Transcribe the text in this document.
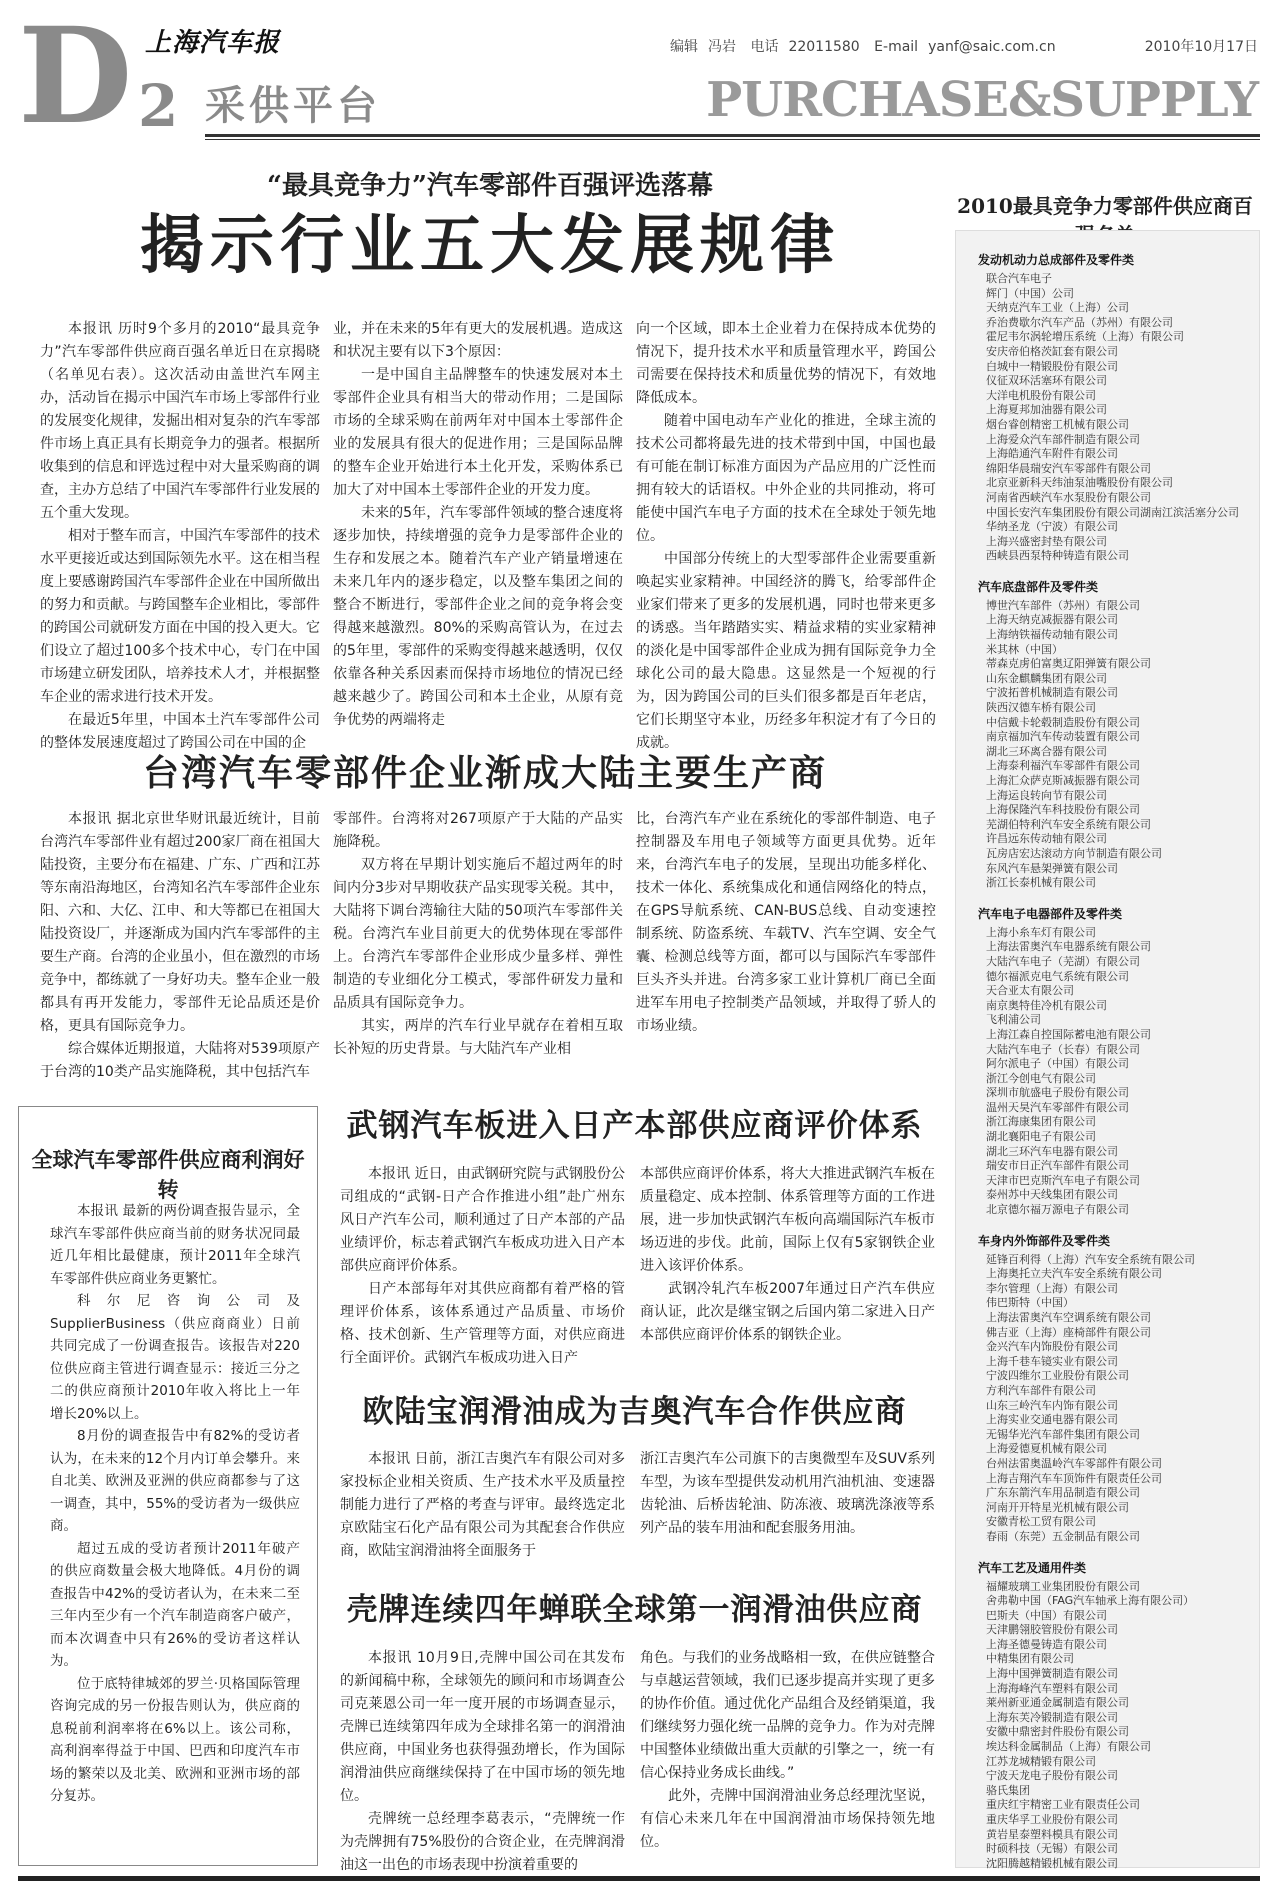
上海汽车报	编辑 冯岩 电话 22011580 E-mail yanf@saic.com.cn	2010年10月17日
D 2 采供平台	PURCHASE&SUPPLY
“最具竞争力”汽车零部件百强评选落幕
揭示行业五大发展规律

本报讯 历时9个多月的2010“最具竞争力”汽车零部件供应商百强名单近日在京揭晓（名单见右表）。这次活动由盖世汽车网主办，活动旨在揭示中国汽车市场上零部件行业的发展变化规律，发掘出相对复杂的汽车零部件市场上真正具有长期竞争力的强者。根据所收集到的信息和评选过程中对大量采购商的调查，主办方总结了中国汽车零部件行业发展的五个重大发现。

相对于整车而言，中国汽车零部件的技术水平更接近或达到国际领先水平。这在相当程度上要感谢跨国汽车零部件企业在中国所做出的努力和贡献。与跨国整车企业相比，零部件的跨国公司就研发方面在中国的投入更大。它们设立了超过100多个技术中心，专门在中国市场建立研发团队，培养技术人才，并根据整车企业的需求进行技术开发。

在最近5年里，中国本土汽车零部件公司的整体发展速度超过了跨国公司在中国的企

业，并在未来的5年有更大的发展机遇。造成这和状况主要有以下3个原因：

一是中国自主品牌整车的快速发展对本土零部件企业具有相当大的带动作用；二是国际市场的全球采购在前两年对中国本土零部件企业的发展具有很大的促进作用；三是国际品牌的整车企业开始进行本土化开发，采购体系已加大了对中国本土零部件企业的开发力度。

未来的5年，汽车零部件领域的整合速度将逐步加快，持续增强的竞争力是零部件企业的生存和发展之本。随着汽车产业产销量增速在未来几年内的逐步稳定，以及整车集团之间的整合不断进行，零部件企业之间的竞争将会变得越来越激烈。80%的采购高管认为，在过去的5年里，零部件的采购变得越来越透明，仅仅依靠各种关系因素而保持市场地位的情况已经越来越少了。跨国公司和本土企业，从原有竞争优势的两端将走

向一个区域，即本土企业着力在保持成本优势的情况下，提升技术水平和质量管理水平，跨国公司需要在保持技术和质量优势的情况下，有效地降低成本。

随着中国电动车产业化的推进，全球主流的技术公司都将最先进的技术带到中国，中国也最有可能在制订标准方面因为产品应用的广泛性而拥有较大的话语权。中外企业的共同推动，将可能使中国汽车电子方面的技术在全球处于领先地位。

中国部分传统上的大型零部件企业需要重新唤起实业家精神。中国经济的腾飞，给零部件企业家们带来了更多的发展机遇，同时也带来更多的诱惑。当年踏踏实实、精益求精的实业家精神的淡化是中国零部件企业成为拥有国际竞争力全球化公司的最大隐患。这显然是一个短视的行为，因为跨国公司的巨头们很多都是百年老店，它们长期坚守本业，历经多年积淀才有了今日的成就。

台湾汽车零部件企业渐成大陆主要生产商

本报讯 据北京世华财讯最近统计，目前台湾汽车零部件业有超过200家厂商在祖国大陆投资，主要分布在福建、广东、广西和江苏等东南沿海地区，台湾知名汽车零部件企业东阳、六和、大亿、江申、和大等都已在祖国大陆投资设厂，并逐渐成为国内汽车零部件的主要生产商。台湾的企业虽小，但在激烈的市场竞争中，都练就了一身好功夫。整车企业一般都具有再开发能力，零部件无论品质还是价格，更具有国际竞争力。

综合媒体近期报道，大陆将对539项原产于台湾的10类产品实施降税，其中包括汽车

零部件。台湾将对267项原产于大陆的产品实施降税。

双方将在早期计划实施后不超过两年的时间内分3步对早期收获产品实现零关税。其中，大陆将下调台湾输往大陆的50项汽车零部件关税。台湾汽车业目前更大的优势体现在零部件上。台湾汽车零部件企业形成少量多样、弹性制造的专业细化分工模式，零部件研发力量和品质具有国际竞争力。

其实，两岸的汽车行业早就存在着相互取长补短的历史背景。与大陆汽车产业相

比，台湾汽车产业在系统化的零部件制造、电子控制器及车用电子领域等方面更具优势。近年来，台湾汽车电子的发展，呈现出功能多样化、技术一体化、系统集成化和通信网络化的特点，在GPS导航系统、CAN-BUS总线、自动变速控制系统、防盗系统、车载TV、汽车空调、安全气囊、检测总线等方面，都可以与国际汽车零部件巨头齐头并进。台湾多家工业计算机厂商已全面进军车用电子控制类产品领域，并取得了骄人的市场业绩。

全球汽车零部件供应商利润好转

本报讯 最新的两份调查报告显示，全球汽车零部件供应商当前的财务状况同最近几年相比最健康，预计2011年全球汽车零部件供应商业务更繁忙。

科尔尼咨询公司及SupplierBusiness（供应商商业）日前共同完成了一份调查报告。该报告对220位供应商主管进行调查显示：接近三分之二的供应商预计2010年收入将比上一年增长20%以上。

8月份的调查报告中有82%的受访者认为，在未来的12个月内订单会攀升。来自北美、欧洲及亚洲的供应商都参与了这一调查，其中，55%的受访者为一级供应商。

超过五成的受访者预计2011年破产的供应商数量会极大地降低。4月份的调查报告中42%的受访者认为，在未来二至三年内至少有一个汽车制造商客户破产，而本次调查中只有26%的受访者这样认为。

位于底特律城郊的罗兰·贝格国际管理咨询完成的另一份报告则认为，供应商的息税前利润率将在6%以上。该公司称，高利润率得益于中国、巴西和印度汽车市场的繁荣以及北美、欧洲和亚洲市场的部分复苏。

武钢汽车板进入日产本部供应商评价体系

本报讯 近日，由武钢研究院与武钢股份公司组成的“武钢-日产合作推进小组”赴广州东风日产汽车公司，顺利通过了日产本部的产品业绩评价，标志着武钢汽车板成功进入日产本部供应商评价体系。

日产本部每年对其供应商都有着严格的管理评价体系，该体系通过产品质量、市场价格、技术创新、生产管理等方面，对供应商进行全面评价。武钢汽车板成功进入日产

本部供应商评价体系，将大大推进武钢汽车板在质量稳定、成本控制、体系管理等方面的工作进展，进一步加快武钢汽车板向高端国际汽车板市场迈进的步伐。此前，国际上仅有5家钢铁企业进入该评价体系。

武钢冷轧汽车板2007年通过日产汽车供应商认证，此次是继宝钢之后国内第二家进入日产本部供应商评价体系的钢铁企业。

欧陆宝润滑油成为吉奥汽车合作供应商

本报讯 日前，浙江吉奥汽车有限公司对多家投标企业相关资质、生产技术水平及质量控制能力进行了严格的考查与评审。最终选定北京欧陆宝石化产品有限公司为其配套合作供应商，欧陆宝润滑油将全面服务于

浙江吉奥汽车公司旗下的吉奥微型车及SUV系列车型，为该车型提供发动机用汽油机油、变速器齿轮油、后桥齿轮油、防冻液、玻璃洗涤液等系列产品的装车用油和配套服务用油。

壳牌连续四年蝉联全球第一润滑油供应商

本报讯 10月9日,壳牌中国公司在其发布的新闻稿中称，全球领先的顾问和市场调查公司克莱恩公司一年一度开展的市场调查显示，壳牌已连续第四年成为全球排名第一的润滑油供应商，中国业务也获得强劲增长，作为国际润滑油供应商继续保持了在中国市场的领先地位。

壳牌统一总经理李葛表示，“壳牌统一作为壳牌拥有75%股份的合资企业，在壳牌润滑油这一出色的市场表现中扮演着重要的

角色。与我们的业务战略相一致，在供应链整合与卓越运营领域，我们已逐步提高并实现了更多的协作价值。通过优化产品组合及经销渠道，我们继续努力强化统一品牌的竞争力。作为对壳牌中国整体业绩做出重大贡献的引擎之一，统一有信心保持业务成长曲线。”

此外，壳牌中国润滑油业务总经理沈坚说，有信心未来几年在中国润滑油市场保持领先地位。

2010最具竞争力零部件供应商百
发动机动力总成部件及零件类
联合汽车电子
辉门（中国）公司
天纳克汽车工业（上海）公司
乔治费歇尔汽车产品（苏州）有限公司
霍尼韦尔涡轮增压系统（上海）有限公司
安庆帝伯格茨缸套有限公司
白城中一精锻股份有限公司
仪征双环活塞环有限公司
大洋电机股份有限公司
上海夏邦加油器有限公司
烟台睿创精密工机械有限公司
上海爱众汽车部件制造有限公司
上海皓通汽车附件有限公司
绵阳华晨瑞安汽车零部件有限公司
北京亚新科天纬油泵油嘴股份有限公司
河南省西峡汽车水泵股份有限公司
中国长安汽车集团股份有限公司湖南江滨活塞分公司
华纳圣龙（宁波）有限公司
上海兴盛密封垫有限公司
西峡县西泵特种铸造有限公司
汽车底盘部件及零件类
博世汽车部件（苏州）有限公司
上海天纳克减振器有限公司
上海纳铁福传动轴有限公司
米其林（中国）
蒂森克虏伯富奥辽阳弹簧有限公司
山东金麒麟集团有限公司
宁波拓普机械制造有限公司
陕西汉德车桥有限公司
中信戴卡轮毂制造股份有限公司
南京福加汽车传动装置有限公司
湖北三环离合器有限公司
上海泰利福汽车零部件有限公司
上海汇众萨克斯减振器有限公司
上海运良转向节有限公司
上海保隆汽车科技股份有限公司
芜湖伯特利汽车安全系统有限公司
许昌远东传动轴有限公司
瓦房店宏达滚动方向节制造有限公司
东风汽车悬架弹簧有限公司
浙江长泰机械有限公司
汽车电子电器部件及零件类
上海小糸车灯有限公司
上海法雷奥汽车电器系统有限公司
大陆汽车电子（芜湖）有限公司
德尔福派克电气系统有限公司
天合亚太有限公司
南京奥特佳冷机有限公司
飞利浦公司
上海江森自控国际蓄电池有限公司
大陆汽车电子（长春）有限公司
阿尔派电子（中国）有限公司
浙江今创电气有限公司
深圳市航盛电子股份有限公司
温州天昊汽车零部件有限公司
浙江海康集团有限公司
湖北襄阳电子有限公司
湖北三环汽车电器有限公司
瑞安市日正汽车部件有限公司
天津市巴克斯汽车电子有限公司
泰州苏中天线集团有限公司
北京德尔福万源电子有限公司
车身内外饰部件及零件类
延锋百利得（上海）汽车安全系统有限公司
上海奥托立夫汽车安全系统有限公司
李尔管理（上海）有限公司
伟巴斯特（中国）
上海法雷奥汽车空调系统有限公司
佛吉亚（上海）座椅部件有限公司
金兴汽车内饰股份有限公司
上海千巷车镜实业有限公司
宁波四维尔工业股份有限公司
方利汽车部件有限公司
山东三岭汽车内饰有限公司
上海实业交通电器有限公司
无锡华光汽车部件集团有限公司
上海爱德夏机械有限公司
台州法雷奥温岭汽车零部件有限公司
上海吉翔汽车车顶饰件有限责任公司
广东东箭汽车用品制造有限公司
河南开开特星光机械有限公司
安徽青松工贸有限公司
春雨（东莞）五金制品有限公司
汽车工艺及通用件类
福耀玻璃工业集团股份有限公司
舍弗勒中国（FAG汽车轴承上海有限公司）
巴斯夫（中国）有限公司
天津鹏翎胶管股份有限公司
上海圣德曼铸造有限公司
中精集团有限公司
上海中国弹簧制造有限公司
上海海峰汽车塑料有限公司
莱州新亚通金属制造有限公司
上海东芙冷锻制造有限公司
安徽中鼎密封件股份有限公司
埃达科金属制品（上海）有限公司
江苏龙城精锻有限公司
宁波天龙电子股份有限公司
骆氏集团
重庆红宇精密工业有限责任公司
重庆华孚工业股份有限公司
黄岩星泰塑料模具有限公司
时硕科技（无锡）有限公司
沈阳腾越精锻机械有限公司
